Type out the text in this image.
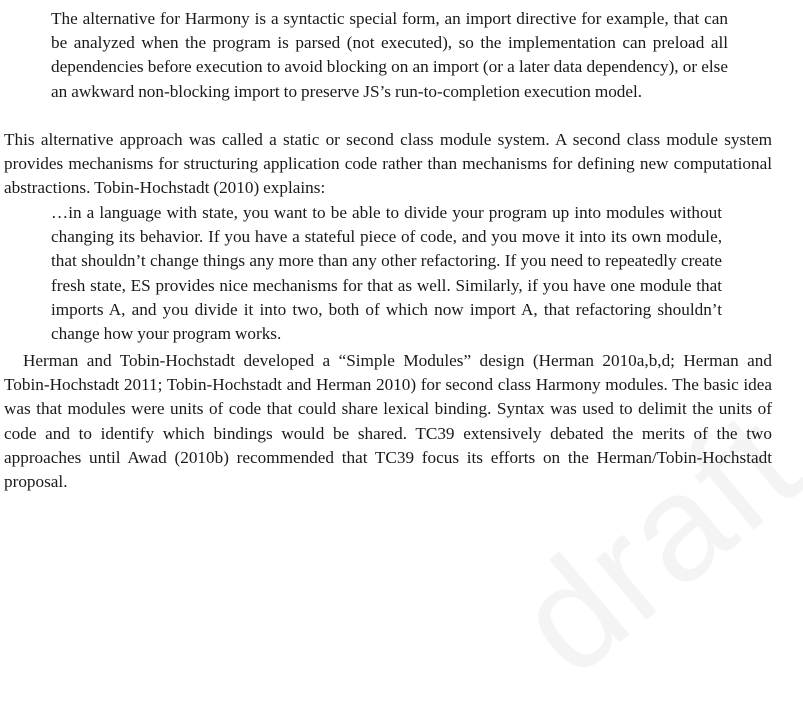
The alternative for Harmony is a syntactic special form, an import directive for example, that can be analyzed when the program is parsed (not executed), so the implementation can preload all dependencies before execution to avoid blocking on an import (or a later data dependency), or else an awkward non-blocking import to preserve JS’s run-to-completion execution model.

This alternative approach was called a static or second class module system. A second class module system provides mechanisms for structuring application code rather than mechanisms for defining new computational abstractions. Tobin-Hochstadt (2010) explains:

…in a language with state, you want to be able to divide your program up into modules without changing its behavior. If you have a stateful piece of code, and you move it into its own module, that shouldn’t change things any more than any other refactoring. If you need to repeatedly create fresh state, ES provides nice mechanisms for that as well. Similarly, if you have one module that imports A, and you divide it into two, both of which now import A, that refactoring shouldn’t change how your program works.

Herman and Tobin-Hochstadt developed a “Simple Modules” design (Herman 2010a,b,d; Herman and Tobin-Hochstadt 2011; Tobin-Hochstadt and Herman 2010) for second class Harmony modules. The basic idea was that modules were units of code that could share lexical binding. Syntax was used to delimit the units of code and to identify which bindings would be shared. TC39 extensively debated the merits of the two approaches until Awad (2010b) recommended that TC39 focus its efforts on the Herman/Tobin-Hochstadt proposal.
